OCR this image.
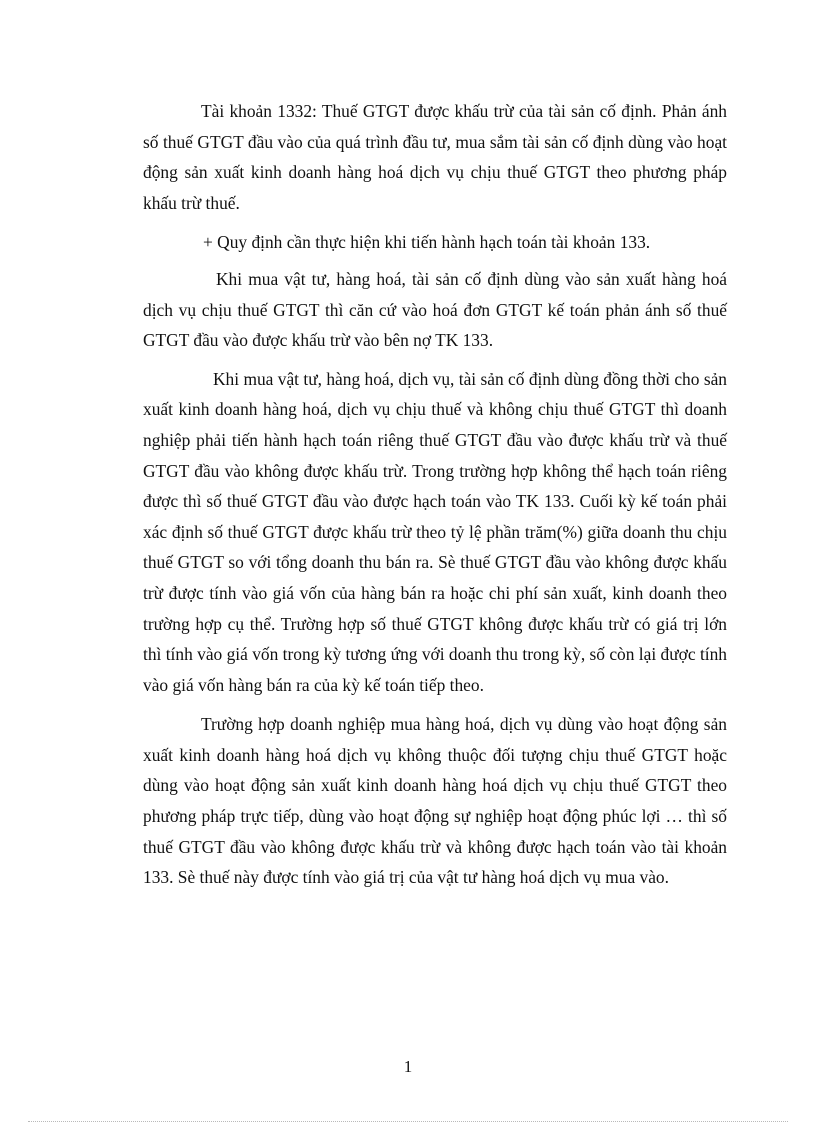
Tài khoản 1332: Thuế GTGT được khấu trừ của tài sản cố định. Phản ánh số thuế GTGT đầu vào của quá trình đầu tư, mua sắm tài sản cố định dùng vào hoạt động sản xuất kinh doanh hàng hoá dịch vụ chịu thuế GTGT theo phương pháp khấu trừ thuế.

+ Quy định cần thực hiện khi tiến hành hạch toán tài khoản 133.

Khi mua vật tư, hàng hoá, tài sản cố định dùng vào sản xuất hàng hoá dịch vụ chịu thuế GTGT thì căn cứ vào hoá đơn GTGT kế toán phản ánh số thuế GTGT đầu vào được khấu trừ vào bên nợ TK 133.

Khi mua vật tư, hàng hoá, dịch vụ, tài sản cố định dùng đồng thời cho sản xuất kinh doanh hàng hoá, dịch vụ chịu thuế và không chịu thuế GTGT thì doanh nghiệp phải tiến hành hạch toán riêng thuế GTGT đầu vào được khấu trừ và thuế GTGT đầu vào không được khấu trừ. Trong trường hợp không thể hạch toán riêng được thì số thuế GTGT đầu vào được hạch toán vào TK 133. Cuối kỳ kế toán phải xác định số thuế GTGT được khấu trừ theo tỷ lệ phần trăm(%) giữa doanh thu chịu thuế GTGT so với tổng doanh thu bán ra. Sè thuế GTGT đầu vào không được khấu trừ được tính vào giá vốn của hàng bán ra hoặc chi phí sản xuất, kinh doanh theo trường hợp cụ thể. Trường hợp số thuế GTGT không được khấu trừ có giá trị lớn thì tính vào giá vốn trong kỳ tương ứng với doanh thu trong kỳ, số còn lại được tính vào giá vốn hàng bán ra của kỳ kế toán tiếp theo.

Trường hợp doanh nghiệp mua hàng hoá, dịch vụ dùng vào hoạt động sản xuất kinh doanh hàng hoá dịch vụ không thuộc đối tượng chịu thuế GTGT hoặc dùng vào hoạt động sản xuất kinh doanh hàng hoá dịch vụ chịu thuế GTGT theo phương pháp trực tiếp, dùng vào hoạt động sự nghiệp hoạt động phúc lợi … thì số thuế GTGT đầu vào không được khấu trừ và không được hạch toán vào tài khoản 133. Sè thuế này được tính vào giá trị của vật tư hàng hoá dịch vụ mua vào.

1
